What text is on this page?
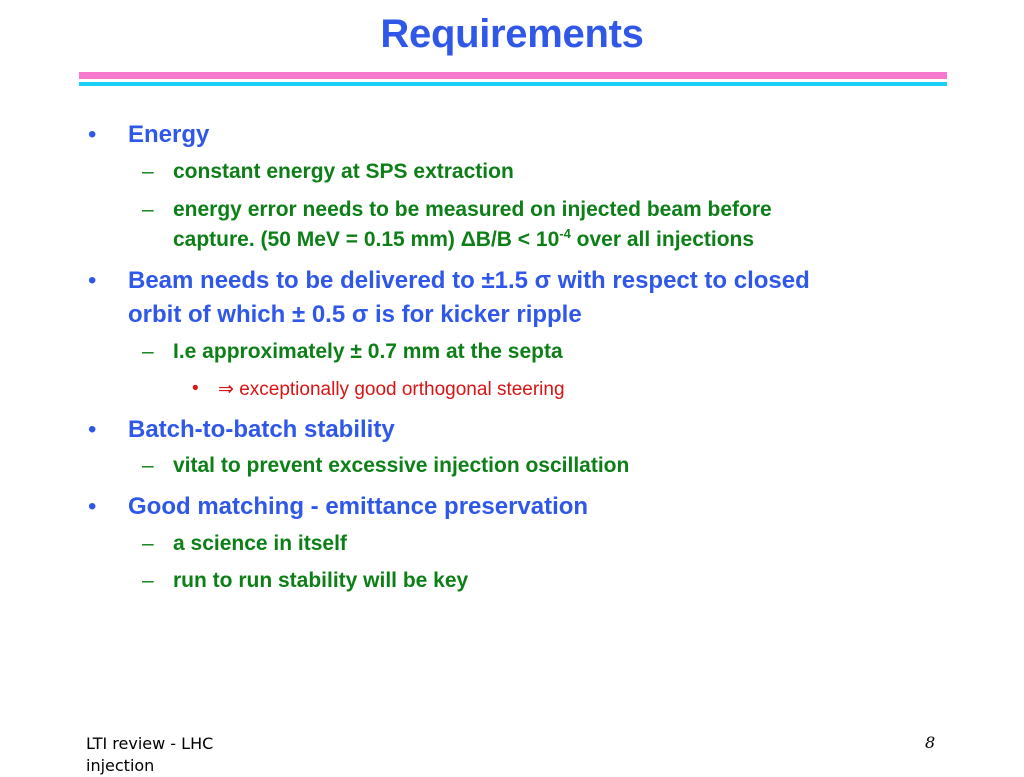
Requirements
• Energy
– constant energy at SPS extraction
– energy error needs to be measured on injected beam before
capture. (50 MeV = 0.15 mm) $\Delta B/B < 10^{-4}$ over all injections
• Beam needs to be delivered to ±1.5 σ with respect to closed
orbit of which ± 0.5 σ is for kicker ripple
– I.e approximately ± 0.7 mm at the septa
• ⇒ exceptionally good orthogonal steering
• Batch-to-batch stability
– vital to prevent excessive injection oscillation
• Good matching - emittance preservation
– a science in itself
– run to run stability will be key
LTI review - LHC
injection
8
